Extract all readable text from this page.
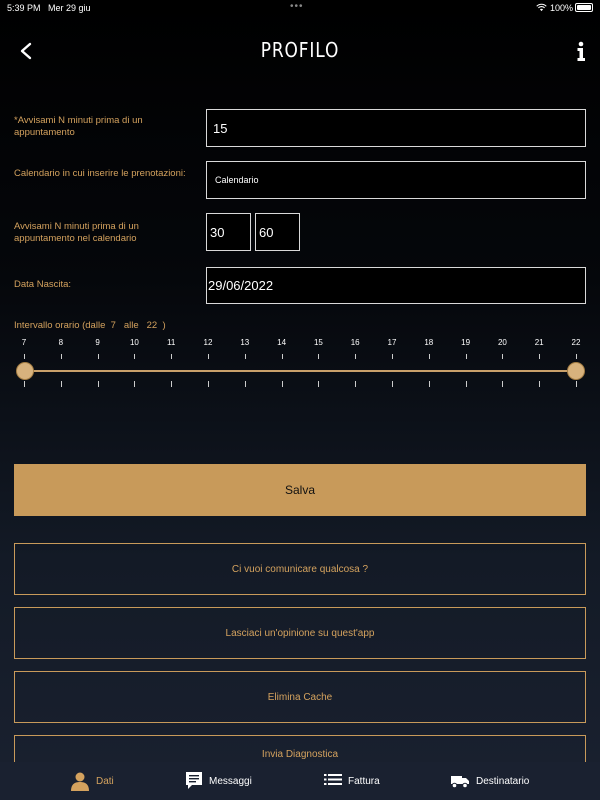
5:39 PM Mer 29 giu	•••	100%
PROFILO
*Avvisami N minuti prima di un appuntamento	15
Calendario in cui inserire le prenotazioni:
Calendario
Avvisami N minuti prima di un appuntamento nel calendario	30	60
Data Nascita:	29/06/2022
Intervallo orario (dalle 7 alle 22 )
7	8	9	10	11	12	13	14	15	16	17	18	19	20	21	22
Salva
Ci vuoi comunicare qualcosa ?
Lasciaci un'opinione su quest'app
Elimina Cache
Invia Diagnostica
Dati	Messaggi	Fattura	Destinatario
